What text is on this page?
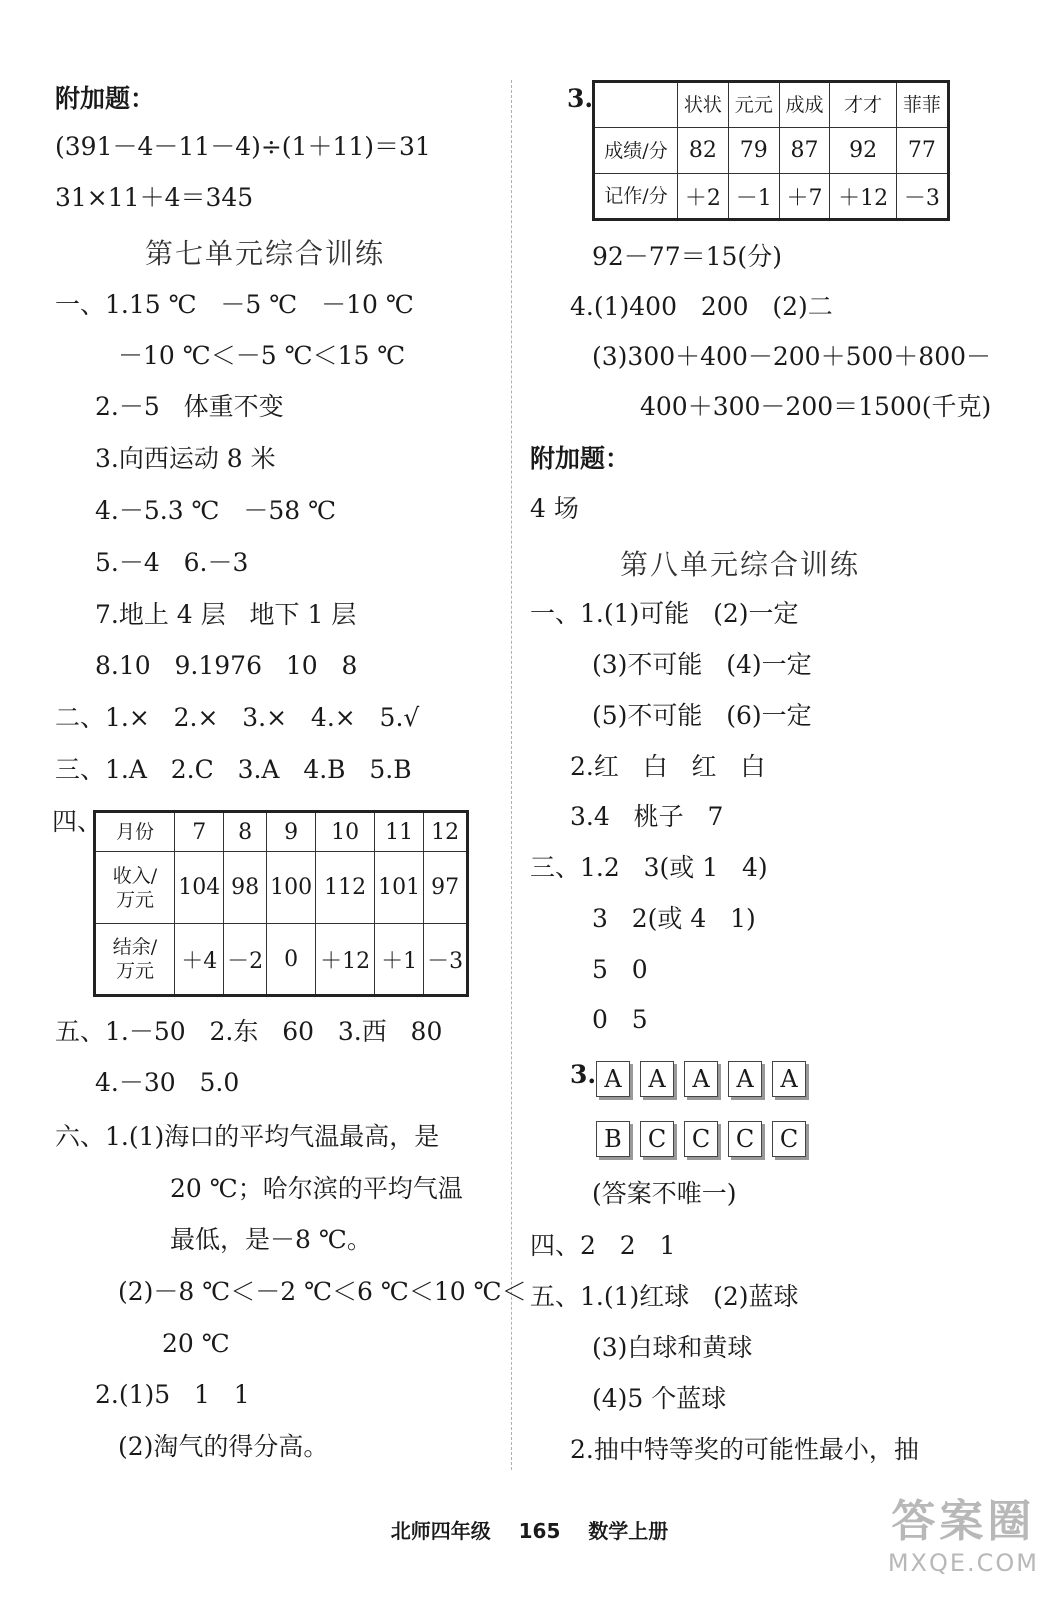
附加题：
(391－4－11－4)÷(1＋11)＝31
31×11＋4＝345
第七单元综合训练
一、1.15 ℃   －5 ℃   －10 ℃
－10 ℃＜－5 ℃＜15 ℃
2.－5   体重不变
3.向西运动 8 米
4.－5.3 ℃   －58 ℃
5.－4   6.－3
7.地上 4 层   地下 1 层
8.10   9.1976   10   8
二、1.×   2.×   3.×   4.×   5.√
三、1.A   2.C   3.A   4.B   5.B
四、 月份	7	8	9	10	11	12

收入/
万元	104	98	100	112	101	97

结余/
万元	＋4	－2	0	＋12	＋1	－3
五、1.－50   2.东   60   3.西   80
4.－30   5.0
六、1.(1)海口的平均气温最高，是
20 ℃；哈尔滨的平均气温
最低，是－8 ℃。
(2)－8 ℃＜－2 ℃＜6 ℃＜10 ℃＜
20 ℃
2.(1)5   1   1
(2)淘气的得分高。
3.
		状状	元元	成成	才才	菲菲
成绩/分	82	79	87	92	77
记作/分	＋2	－1	＋7	＋12	－3
92－77＝15(分)
4.(1)400   200   (2)二
(3)300＋400－200＋500＋800－
400＋300－200＝1500(千克)
附加题：
4 场
第八单元综合训练
一、1.(1)可能   (2)一定
(3)不可能   (4)一定
(5)不可能   (6)一定
2.红   白   红   白
3.4   桃子   7
三、1.2   3(或 1   4)
3   2(或 4   1)
5   0
0   5
3. A A A A A
B C C C C
(答案不唯一)
四、2   2   1
五、1.(1)红球   (2)蓝球
(3)白球和黄球
(4)5 个蓝球
2.抽中特等奖的可能性最小，抽
北师四年级 165 数学上册	答案圈
MXQE.COM
